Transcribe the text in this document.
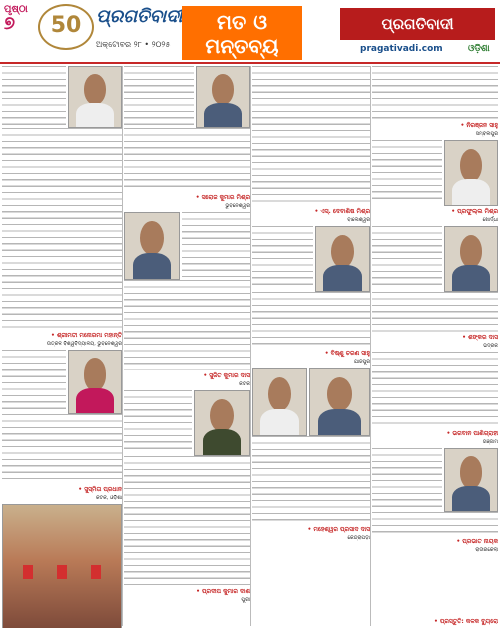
ପୃଷ୍ଠା
୭	50 ପ୍ରଗତିବାଦୀ
ଅକ୍ଟୋବର ୨୮ • ୨୦୨୫
ମତ ଓ ମନ୍ତବ୍ୟ
ପ୍ରଗତିବାଦୀ
pragativadi.com	ଓଡ଼ିଶା
• ଶ୍ରୀମତୀ ମନୋରମା ମହାନ୍ତି
ଉତ୍କଳ ବିଶ୍ୱବିଦ୍ୟାଳୟ, ଭୁବନେଶ୍ୱର
• ସୁସ୍ମିତା ପ୍ରଧାନ
କଟକ, ଓଡ଼ିଶା
• ସରୋଜ କୁମାର ମିଶ୍ର
ଭୁବନେଶ୍ୱର
• ସୁଜିତ କୁମାର ଦାସ
କଟକ
• ପ୍ରଦୀପ କୁମାର ଦାଶ
ପୁରୀ
• ଏସ୍. ଦେବାଶିଷ ମିଶ୍ର
ବାଲେଶ୍ୱର
• ବିଷ୍ଣୁ ଚରଣ ସାହୁ
ଯାଜପୁର
• ମହେଶ୍ୱର ପ୍ରସାଦ ଦାସ
କେନ୍ଦ୍ରାପଡ଼ା
• ନିରଞ୍ଜନ ସାହୁ
ସମ୍ବଲପୁର
• ପ୍ରଫୁଲ୍ଲ ମିଶ୍ର
ଖୋର୍ଦ୍ଧା
• ଶଙ୍କର ଦାସ
ଭଦ୍ରକ
• ଭଗବାନ ପାଣିଗ୍ରାହୀ
ଗଞ୍ଜାମ
• ପ୍ରଭାତ ନାୟକ
ରାଉରକେଲା
• ପ୍ରସ୍ତୁତି: କଳକ ବ୍ୟୁରୋ
